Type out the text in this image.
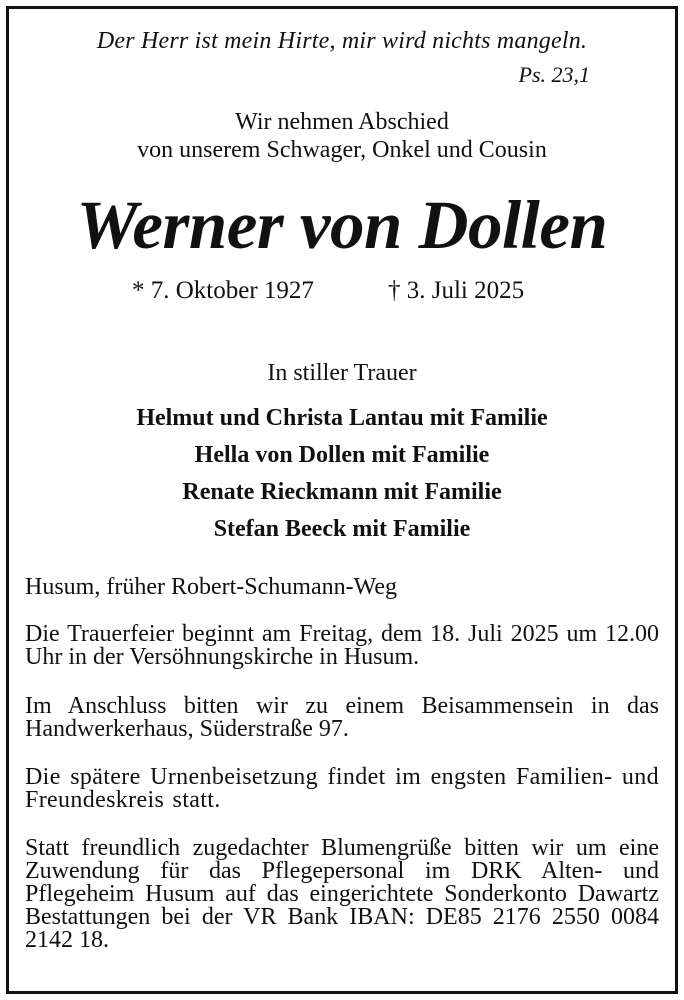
Der Herr ist mein Hirte, mir wird nichts mangeln.
Ps. 23,1
Wir nehmen Abschied
von unserem Schwager, Onkel und Cousin
Werner von Dollen
* 7. Oktober 1927	† 3. Juli 2025
In stiller Trauer
Helmut und Christa Lantau mit Familie
Hella von Dollen mit Familie
Renate Rieckmann mit Familie
Stefan Beeck mit Familie
Husum, früher Robert-Schumann-Weg
Die Trauerfeier beginnt am Freitag, dem 18. Juli 2025 um 12.00 Uhr in der Versöhnungskirche in Husum.
Im Anschluss bitten wir zu einem Beisammensein in das Handwerkerhaus, Süderstraße 97.
Die spätere Urnenbeisetzung findet im engsten Familien- und Freundeskreis statt.
Statt freundlich zugedachter Blumengrüße bitten wir um eine Zuwendung für das Pflegepersonal im DRK Alten- und Pflegeheim Husum auf das eingerichtete Sonderkonto Dawartz Bestattungen bei der VR Bank IBAN: DE85 2176 2550 0084 2142 18.
